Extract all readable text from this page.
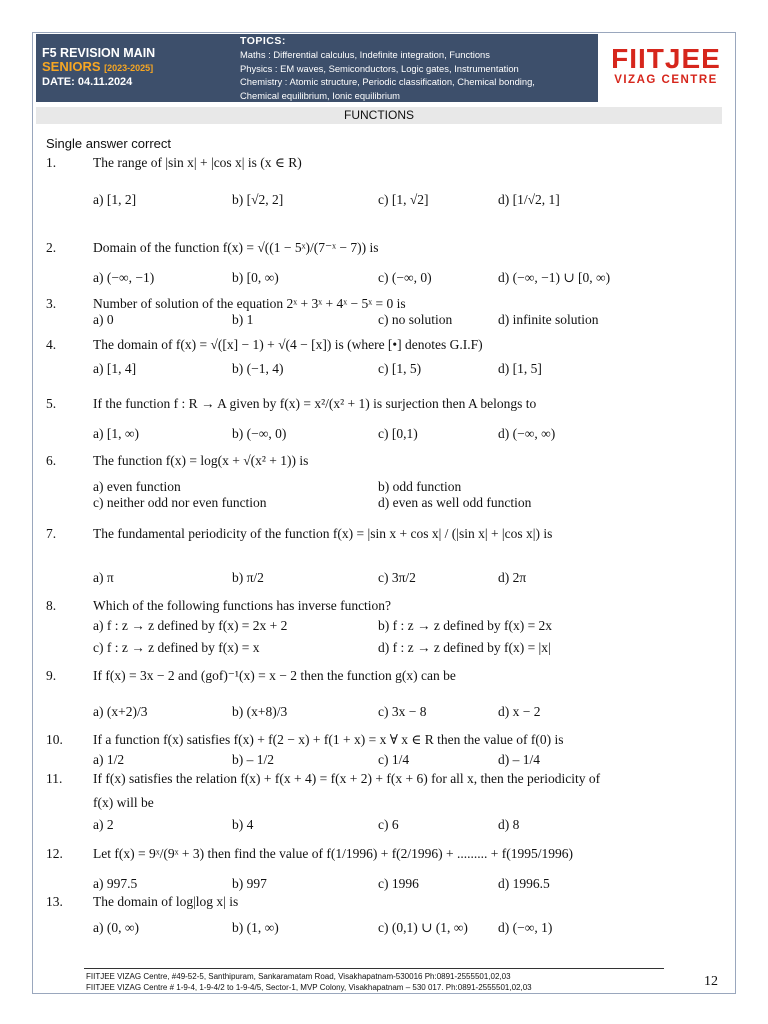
F5 REVISION MAIN
SENIORS [2023-2025]
DATE: 04.11.2024
TOPICS:
Maths : Differential calculus, Indefinite integration, Functions
Physics : EM waves, Semiconductors, Logic gates, Instrumentation
Chemistry : Atomic structure, Periodic classification, Chemical bonding,
Chemical equilibrium, Ionic equilibrium
FIITJEE
VIZAG CENTRE
FUNCTIONS
Single answer correct
1.	The range of |sin x| + |cos x| is (x ∈ R)
a) [1, 2]	b) [√2, 2]	c) [1, √2]	d) [1/√2, 1]
2.	Domain of the function f(x) = √((1 − 5ˣ)/(7⁻ˣ − 7)) is
a) (−∞, −1)	b) [0, ∞)	c) (−∞, 0)	d) (−∞, −1) ∪ [0, ∞)
3.	Number of solution of the equation 2ˣ + 3ˣ + 4ˣ − 5ˣ = 0 is
a) 0	b) 1	c) no solution	d) infinite solution
4.	The domain of f(x) = √([x] − 1) + √(4 − [x]) is (where [•] denotes G.I.F)
a) [1, 4]	b) (−1, 4)	c) [1, 5)	d) [1, 5]
5.	If the function f : R → A given by f(x) = x²/(x² + 1) is surjection then A belongs to
a) [1, ∞)	b) (−∞, 0)	c) [0,1)	d) (−∞, ∞)
6.	The function f(x) = log(x + √(x² + 1)) is
a) even function	b) odd function
c) neither odd nor even function	d) even as well odd function
7.	The fundamental periodicity of the function f(x) = |sin x + cos x| / (|sin x| + |cos x|) is
a) π	b) π/2	c) 3π/2	d) 2π
8.	Which of the following functions has inverse function?
a) f : z → z defined by f(x) = 2x + 2	b) f : z → z defined by f(x) = 2x
c) f : z → z defined by f(x) = x	d) f : z → z defined by f(x) = |x|
9.	If f(x) = 3x − 2 and (gof)⁻¹(x) = x − 2 then the function g(x) can be
a) (x+2)/3	b) (x+8)/3	c) 3x − 8	d) x − 2
10. If a function f(x) satisfies f(x) + f(2 − x) + f(1 + x) = x ∀ x ∈ R then the value of f(0) is
a) 1/2	b) – 1/2	c) 1/4	d) – 1/4
11. If f(x) satisfies the relation f(x) + f(x + 4) = f(x + 2) + f(x + 6) for all x, then the periodicity of
f(x) will be
a) 2	b) 4	c) 6	d) 8
12. Let f(x) = 9ˣ/(9ˣ + 3) then find the value of f(1/1996) + f(2/1996) + ......... + f(1995/1996)
a) 997.5	b) 997	c) 1996	d) 1996.5
13. The domain of log|log x| is
a) (0, ∞)	b) (1, ∞)	c) (0,1) ∪ (1, ∞) d) (−∞, 1)
FIITJEE VIZAG Centre, #49-52-5, Santhipuram, Sankaramatam Road, Visakhapatnam-530016 Ph:0891-2555501,02,03
FIITJEE VIZAG Centre # 1-9-4, 1-9-4/2 to 1-9-4/5, Sector-1, MVP Colony, Visakhapatnam – 530 017. Ph:0891-2555501,02,03	12
